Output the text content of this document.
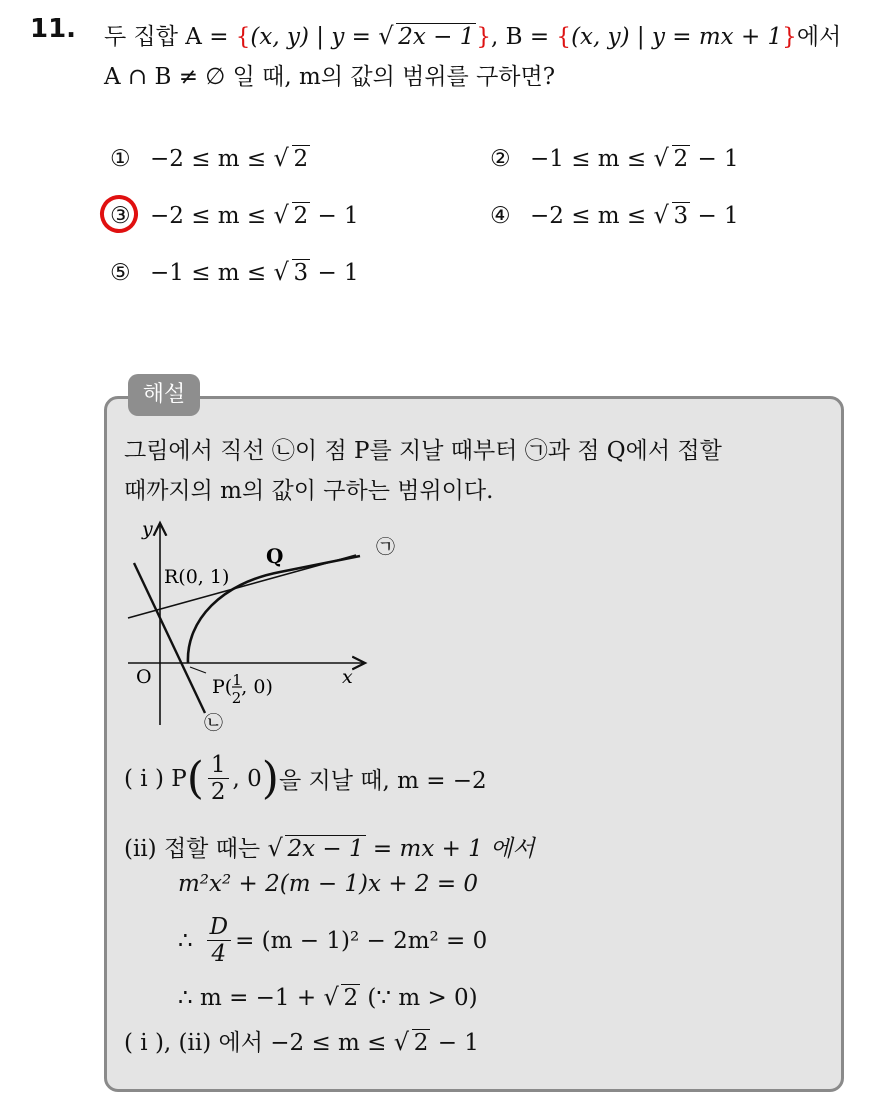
11. 두 집합 A = {(x, y) | y = √ 2x − 1}, B = {(x, y) | y = mx + 1}에서
A ∩ B ≠ ∅ 일 때, m의 값의 범위를 구하면?
① −2 ≤ m ≤ √ 2	② −1 ≤ m ≤ √ 2 − 1
③ −2 ≤ m ≤ √ 2 − 1	④ −2 ≤ m ≤ √ 3 − 1
⑤ −1 ≤ m ≤ √ 3 − 1
해설
그림에서 직선 ㉡이 점 P를 지날 때부터 ㉠과 점 Q에서 접할
때까지의 m의 값이 구하는 범위이다.
y
x
O
R(0, 1)
Q
P($^1$ 2, 0)
㉠
㉡
( i ) P ( $\frac{1}{2}$ , 0 ) 을 지날 때, m = −2
(ii) 접할 때는 √ 2x − 1 = mx + 1 에서
m²x² + 2(m − 1)x + 2 = 0
∴ $\frac{D}{4} = (m - 1)^2 - 2m^2 = 0$
∴ m = −1 + √ 2 (∵ m > 0)
( i ), (ii) 에서 −2 ≤ m ≤ √ 2 − 1
